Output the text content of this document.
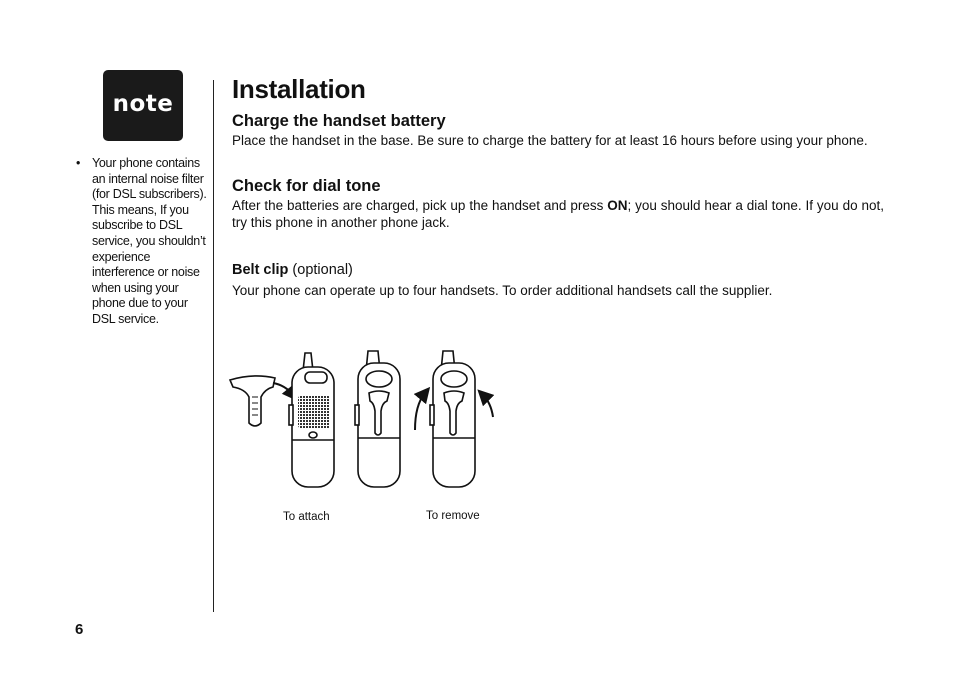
note
• Your phone contains an internal noise filter (for DSL subscribers). This means, If you subscribe to DSL service, you shouldn’t experience interference or noise when using your phone due to your DSL service.
Installation
Charge the handset battery

Place the handset in the base. Be sure to charge the battery for at least 16 hours before using your phone.

Check for dial tone

After the batteries are charged, pick up the handset and press ON; you should hear a dial tone. If you do not, try this phone in another phone jack.

Belt clip (optional)

Your phone can operate up to four handsets. To order additional handsets call the supplier.

To attach	To remove
6
